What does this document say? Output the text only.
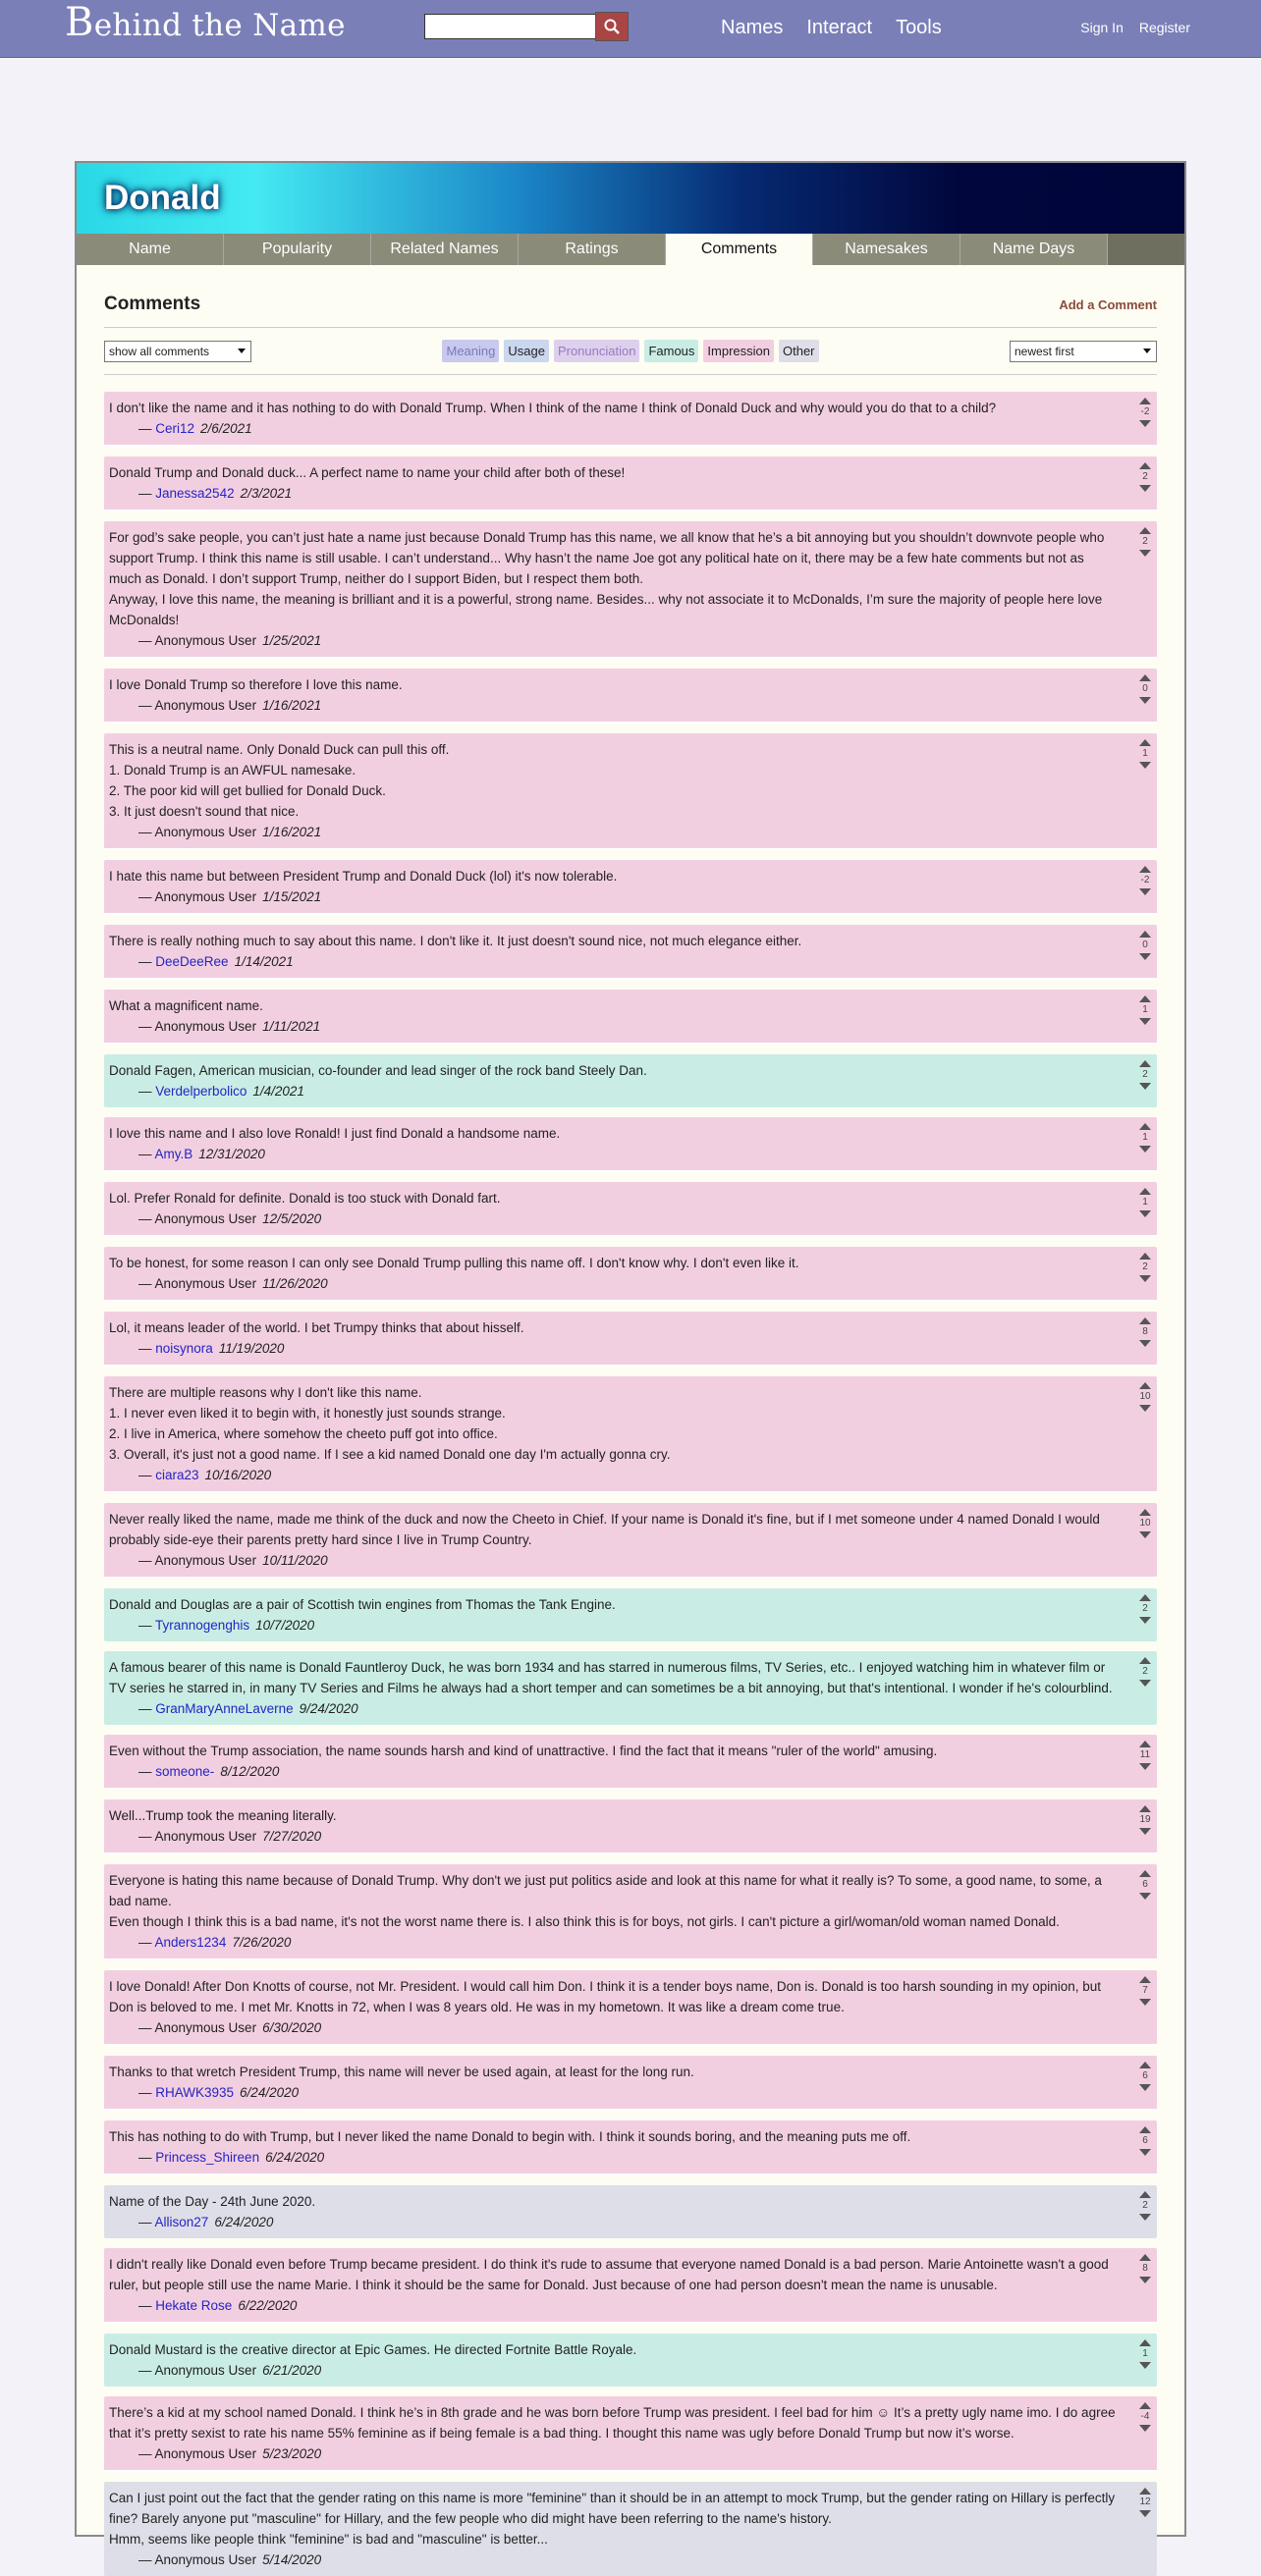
Behind the Name	Names Interact Tools	Sign In Register
Donald
Name	Popularity	Related Names	Ratings	Comments	Namesakes	Name Days
Comments	Add a Comment
show all comments	Meaning	Usage	Pronunciation	Famous	Impression	Other	newest first

I don't like the name and it has nothing to do with Donald Trump. When I think of the name I think of Donald Duck and why would you do that to a child?

— Ceri12 2/6/2021
-2

Donald Trump and Donald duck... A perfect name to name your child after both of these!

— Janessa2542 2/3/2021
2

For god’s sake people, you can’t just hate a name just because Donald Trump has this name, we all know that he’s a bit annoying but you shouldn’t downvote people who support Trump. I think this name is still usable. I can’t understand... Why hasn’t the name Joe got any political hate on it, there may be a few hate comments but not as much as Donald. I don’t support Trump, neither do I support Biden, but I respect them both.

Anyway, I love this name, the meaning is brilliant and it is a powerful, strong name. Besides... why not associate it to McDonalds, I’m sure the majority of people here love McDonalds!

— Anonymous User 1/25/2021
2

I love Donald Trump so therefore I love this name.

— Anonymous User 1/16/2021
0

This is a neutral name. Only Donald Duck can pull this off.

1. Donald Trump is an AWFUL namesake.

2. The poor kid will get bullied for Donald Duck.

3. It just doesn't sound that nice.

— Anonymous User 1/16/2021
1

I hate this name but between President Trump and Donald Duck (lol) it's now tolerable.

— Anonymous User 1/15/2021
-2

There is really nothing much to say about this name. I don't like it. It just doesn't sound nice, not much elegance either.

— DeeDeeRee 1/14/2021
0

What a magnificent name.

— Anonymous User 1/11/2021
1

Donald Fagen, American musician, co-founder and lead singer of the rock band Steely Dan.

— Verdelperbolico 1/4/2021
2

I love this name and I also love Ronald! I just find Donald a handsome name.

— Amy.B 12/31/2020
1

Lol. Prefer Ronald for definite. Donald is too stuck with Donald fart.

— Anonymous User 12/5/2020
1

To be honest, for some reason I can only see Donald Trump pulling this name off. I don't know why. I don't even like it.

— Anonymous User 11/26/2020
2

Lol, it means leader of the world. I bet Trumpy thinks that about hisself.

— noisynora 11/19/2020
8

There are multiple reasons why I don't like this name.

1. I never even liked it to begin with, it honestly just sounds strange.

2. I live in America, where somehow the cheeto puff got into office.

3. Overall, it's just not a good name. If I see a kid named Donald one day I'm actually gonna cry.

— ciara23 10/16/2020
10

Never really liked the name, made me think of the duck and now the Cheeto in Chief. If your name is Donald it's fine, but if I met someone under 4 named Donald I would probably side-eye their parents pretty hard since I live in Trump Country.

— Anonymous User 10/11/2020
10

Donald and Douglas are a pair of Scottish twin engines from Thomas the Tank Engine.

— Tyrannogenghis 10/7/2020
2

A famous bearer of this name is Donald Fauntleroy Duck, he was born 1934 and has starred in numerous films, TV Series, etc.. I enjoyed watching him in whatever film or TV series he starred in, in many TV Series and Films he always had a short temper and can sometimes be a bit annoying, but that's intentional. I wonder if he's colourblind.

— GranMaryAnneLaverne 9/24/2020
2

Even without the Trump association, the name sounds harsh and kind of unattractive. I find the fact that it means "ruler of the world" amusing.

— someone- 8/12/2020
11

Well...Trump took the meaning literally.

— Anonymous User 7/27/2020
19

Everyone is hating this name because of Donald Trump. Why don't we just put politics aside and look at this name for what it really is? To some, a good name, to some, a bad name.

Even though I think this is a bad name, it's not the worst name there is. I also think this is for boys, not girls. I can't picture a girl/woman/old woman named Donald.

— Anders1234 7/26/2020
6

I love Donald! After Don Knotts of course, not Mr. President. I would call him Don. I think it is a tender boys name, Don is. Donald is too harsh sounding in my opinion, but Don is beloved to me. I met Mr. Knotts in 72, when I was 8 years old. He was in my hometown. It was like a dream come true.

— Anonymous User 6/30/2020
7

Thanks to that wretch President Trump, this name will never be used again, at least for the long run.

— RHAWK3935 6/24/2020
6

This has nothing to do with Trump, but I never liked the name Donald to begin with. I think it sounds boring, and the meaning puts me off.

— Princess_Shireen 6/24/2020
6

Name of the Day - 24th June 2020.

— Allison27 6/24/2020
2

I didn't really like Donald even before Trump became president. I do think it's rude to assume that everyone named Donald is a bad person. Marie Antoinette wasn't a good ruler, but people still use the name Marie. I think it should be the same for Donald. Just because of one had person doesn't mean the name is unusable.

— Hekate Rose 6/22/2020
8

Donald Mustard is the creative director at Epic Games. He directed Fortnite Battle Royale.

— Anonymous User 6/21/2020
1

There’s a kid at my school named Donald. I think he’s in 8th grade and he was born before Trump was president. I feel bad for him ☺ It’s a pretty ugly name imo. I do agree that it’s pretty sexist to rate his name 55% feminine as if being female is a bad thing. I thought this name was ugly before Donald Trump but now it’s worse.

— Anonymous User 5/23/2020
-4

Can I just point out the fact that the gender rating on this name is more "feminine" than it should be in an attempt to mock Trump, but the gender rating on Hillary is perfectly fine? Barely anyone put "masculine" for Hillary, and the few people who did might have been referring to the name's history.

Hmm, seems like people think "feminine" is bad and "masculine" is better...

— Anonymous User 5/14/2020
12
